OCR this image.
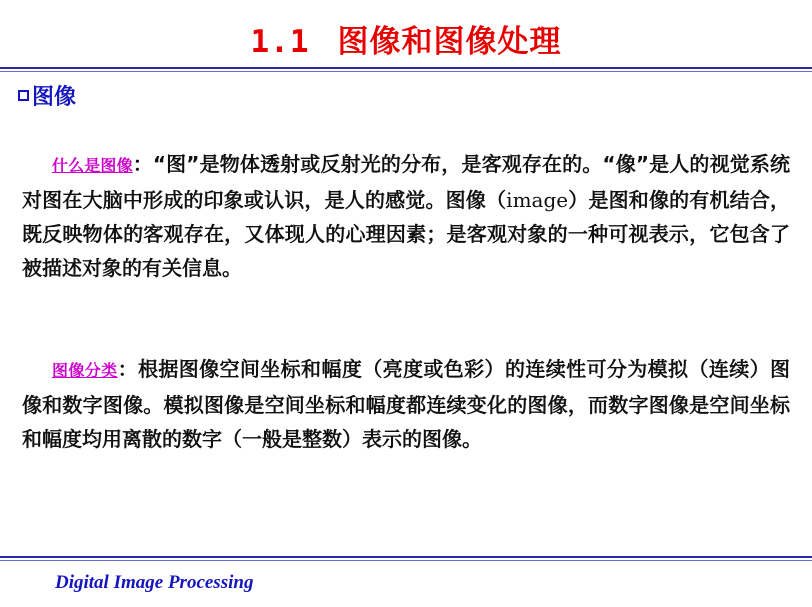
1.1 图像和图像处理
图像
什么是图像：“图”是物体透射或反射光的分布，是客观存在的。“像”是人的视觉系统对图在大脑中形成的印象或认识，是人的感觉。图像（image）是图和像的有机结合，既反映物体的客观存在，又体现人的心理因素；是客观对象的一种可视表示，它包含了被描述对象的有关信息。
图像分类：根据图像空间坐标和幅度（亮度或色彩）的连续性可分为模拟（连续）图像和数字图像。模拟图像是空间坐标和幅度都连续变化的图像，而数字图像是空间坐标和幅度均用离散的数字（一般是整数）表示的图像。
Digital Image Processing
